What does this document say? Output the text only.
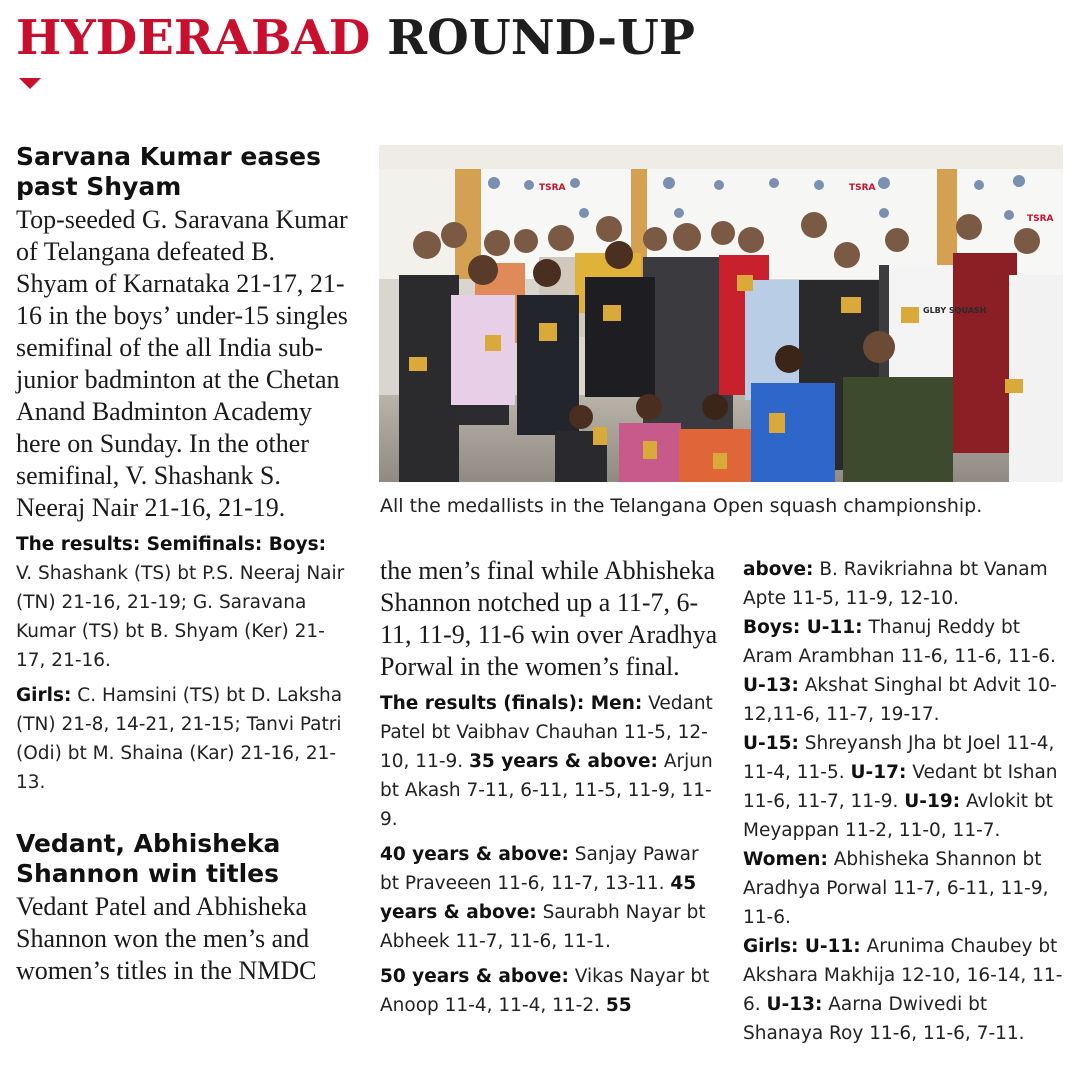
HYDERABAD ROUND-UP
Sarvana Kumar eases past Shyam

Top-seeded G. Saravana Kumar of Telangana defeated B. Shyam of Karnataka 21-17, 21-16 in the boys’ under-15 singles semifinal of the all India sub-junior badminton at the Chetan Anand Badminton Academy here on Sunday. In the other semifinal, V. Shashank S. Neeraj Nair 21-16, 21-19.

The results: Semifinals: Boys: V. Shashank (TS) bt P.S. Neeraj Nair (TN) 21-16, 21-19; G. Saravana Kumar (TS) bt B. Shyam (Ker) 21-17, 21-16.

Girls: C. Hamsini (TS) bt D. Laksha (TN) 21-8, 14-21, 21-15; Tanvi Patri (Odi) bt M. Shaina (Kar) 21-16, 21-13.

Vedant, Abhisheka Shannon win titles

Vedant Patel and Abhisheka Shannon won the men’s and women’s titles in the NMDC

TSRA	TSRA
TSRA
GLBY SQUASH
All the medallists in the Telangana Open squash championship.

the men’s final while Abhisheka Shannon notched up a 11-7, 6-11, 11-9, 11-6 win over Aradhya Porwal in the women’s final.

The results (finals): Men: Vedant Patel bt Vaibhav Chauhan 11-5, 12-10, 11-9. 35 years & above: Arjun bt Akash 7-11, 6-11, 11-5, 11-9, 11-9.

40 years & above: Sanjay Pawar bt Praveeen 11-6, 11-7, 13-11. 45 years & above: Saurabh Nayar bt Abheek 11-7, 11-6, 11-1.

50 years & above: Vikas Nayar bt Anoop 11-4, 11-4, 11-2. 55

above: B. Ravikriahna bt Vanam Apte 11-5, 11-9, 12-10.

Boys: U-11: Thanuj Reddy bt Aram Arambhan 11-6, 11-6, 11-6.

U-13: Akshat Singhal bt Advit 10-12,11-6, 11-7, 19-17.

U-15: Shreyansh Jha bt Joel 11-4, 11-4, 11-5. U-17: Vedant bt Ishan 11-6, 11-7, 11-9. U-19: Avlokit bt Meyappan 11-2, 11-0, 11-7.

Women: Abhisheka Shannon bt Aradhya Porwal 11-7, 6-11, 11-9, 11-6.

Girls: U-11: Arunima Chaubey bt Akshara Makhija 12-10, 16-14, 11-6. U-13: Aarna Dwivedi bt Shanaya Roy 11-6, 11-6, 7-11.
